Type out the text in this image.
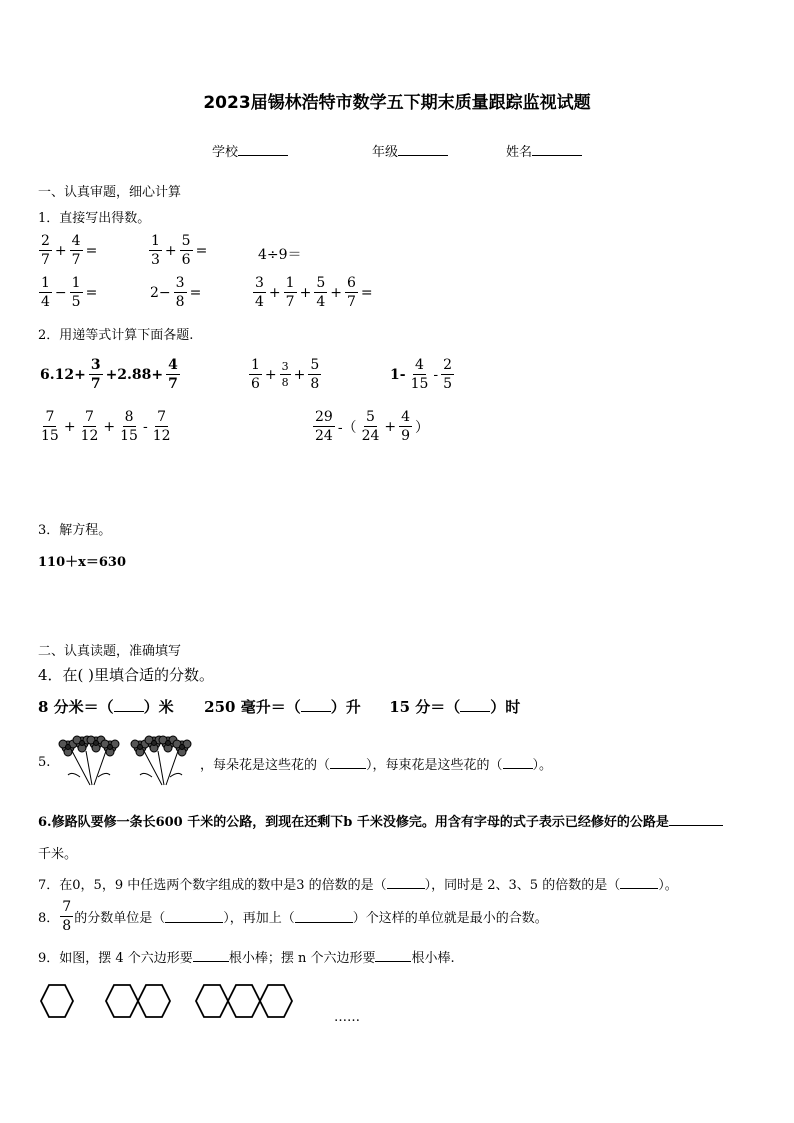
2023届锡林浩特市数学五下期末质量跟踪监视试题
学校	年级	姓名
一、认真审题，细心计算
1．直接写出得数。
$\frac{2}{7} + \frac{4}{7}$ =	$\frac{1}{3} + \frac{5}{6}$ =	4÷9＝
$\frac{1}{4} - \frac{1}{5}$ =	$2- \frac{3}{8}$ =	$\frac{3}{4} + \frac{1}{7} + \frac{5}{4} + \frac{6}{7}$ =
2．用递等式计算下面各题.
$6.12+ \frac{3}{7} +2.88+ \frac{4}{7}$	$\frac{1}{6} + \frac{3}{8} + \frac{5}{8}$	$1- \frac{4}{15} - \frac{2}{5}$
$\frac{7}{15} + \frac{7}{12} + \frac{8}{15} - \frac{7}{12}$	$\frac{29}{24}$ -（ $\frac{5}{24} + \frac{4}{9}$ ）
3．解方程。
110＋x＝630
二、认真读题，准确填写
4．在( )里填合适的分数。
8 分米＝（ ）米 250 毫升＝（ ）升 15 分＝（ ）时
5.	，每朵花是这些花的（	），每束花是这些花的（ ）。
6.修路队要修一条长600 千米的公路，到现在还剩下b 千米没修完。用含有字母的式子表示已经修好的公路是
千米。
7．在0，5，9 中任选两个数字组成的数中是3 的倍数的是（	），同时是 2、3、5 的倍数的是（	）。
8． $\frac{7}{8}$ 的分数单位是（	），再加上（	）个这样的单位就是最小的合数。
9．如图，摆 4 个六边形要	根小棒；摆 n 个六边形要	根小棒.
……
